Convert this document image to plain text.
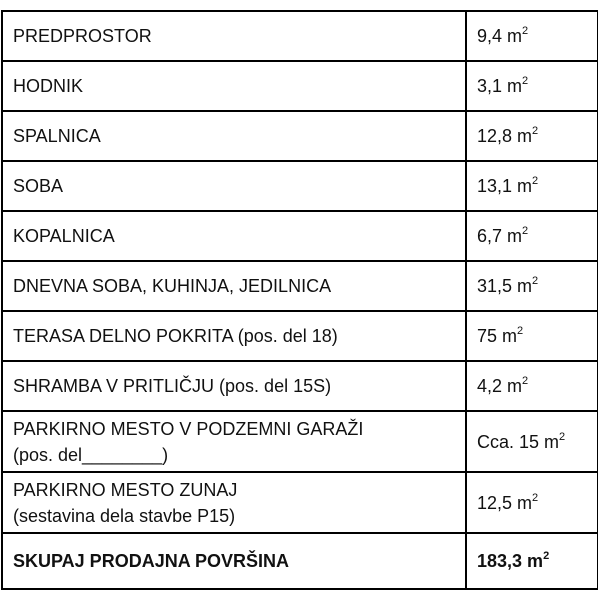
PREDPROSTOR	9,4 $m^2$
HODNIK	3,1 $m^2$
SPALNICA	12,8 $m^2$
SOBA	13,1 $m^2$
KOPALNICA	6,7 $m^2$
DNEVNA SOBA, KUHINJA, JEDILNICA	31,5 $m^2$
TERASA DELNO POKRITA (pos. del 18)	75 $m^2$
SHRAMBA V PRITLIČJU (pos. del 15S)	4,2 $m^2$

PARKIRNO MESTO V PODZEMNI GARAŽI
(pos. del________)	Cca. 15 $m^2$

PARKIRNO MESTO ZUNAJ
(sestavina dela stavbe P15)	12,5 $m^2$
SKUPAJ PRODAJNA POVRŠINA	183,3 $m^2$
